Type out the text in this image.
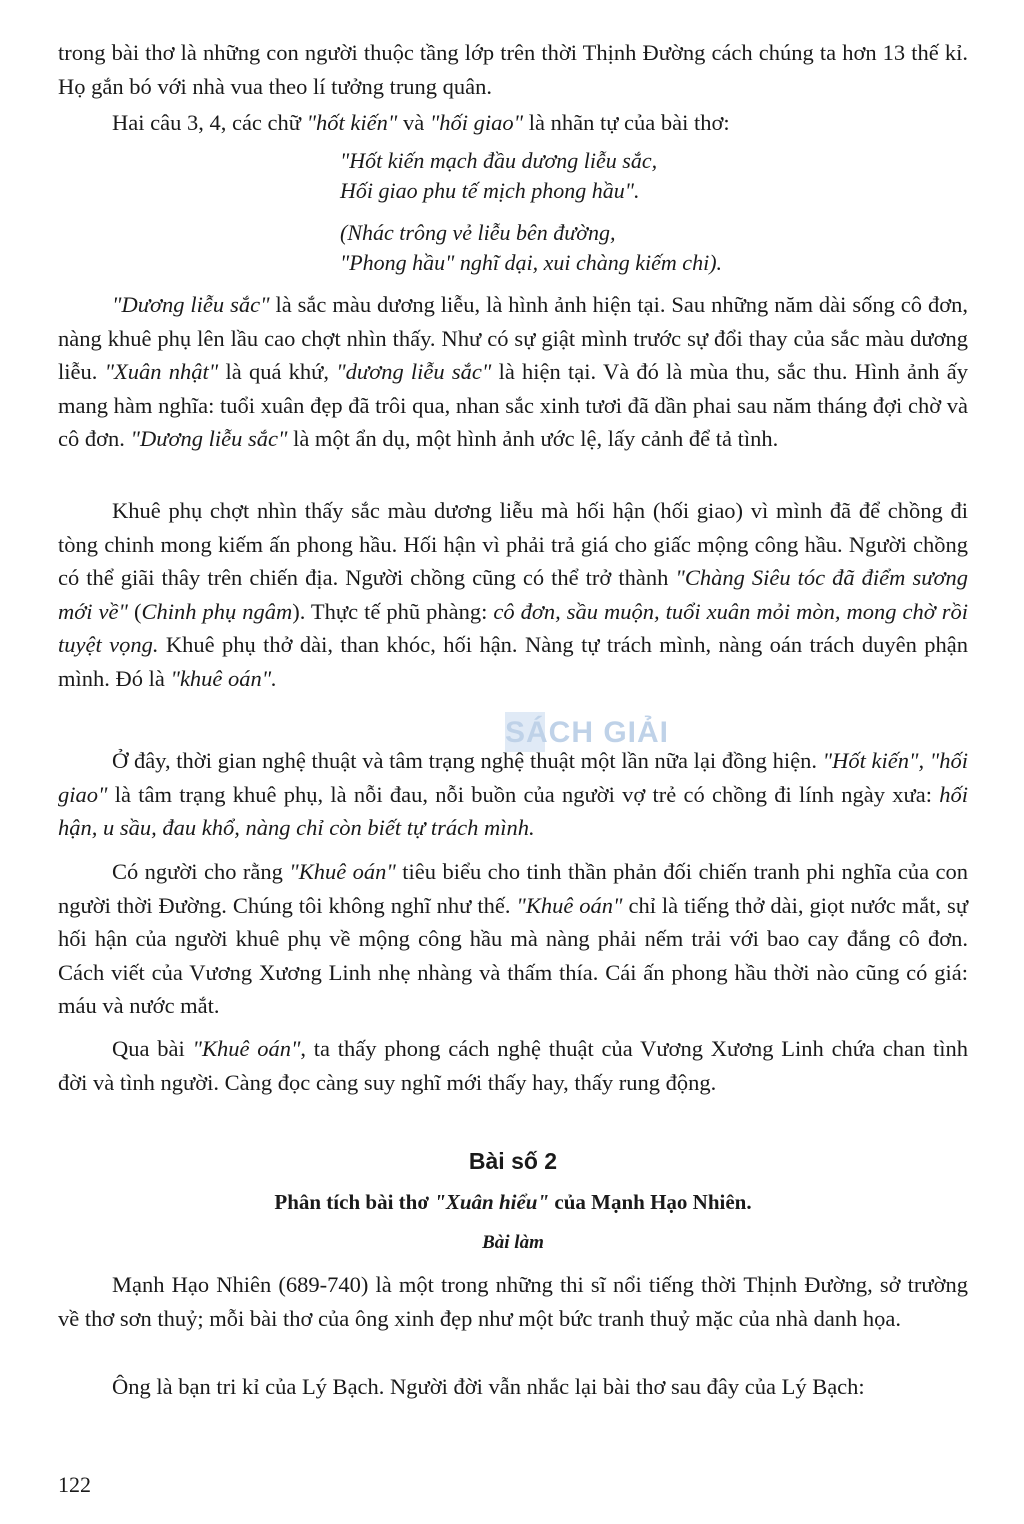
trong bài thơ là những con người thuộc tầng lớp trên thời Thịnh Đường cách chúng ta hơn 13 thế kỉ. Họ gắn bó với nhà vua theo lí tưởng trung quân.

Hai câu 3, 4, các chữ "hốt kiến" và "hối giao" là nhãn tự của bài thơ:

"Hốt kiến mạch đầu dương liễu sắc,
Hối giao phu tế mịch phong hầu".
(Nhác trông vẻ liễu bên đường,
"Phong hầu" nghĩ dại, xui chàng kiếm chi).

"Dương liễu sắc" là sắc màu dương liễu, là hình ảnh hiện tại. Sau những năm dài sống cô đơn, nàng khuê phụ lên lầu cao chợt nhìn thấy. Như có sự giật mình trước sự đổi thay của sắc màu dương liễu. "Xuân nhật" là quá khứ, "dương liễu sắc" là hiện tại. Và đó là mùa thu, sắc thu. Hình ảnh ấy mang hàm nghĩa: tuổi xuân đẹp đã trôi qua, nhan sắc xinh tươi đã dần phai sau năm tháng đợi chờ và cô đơn. "Dương liễu sắc" là một ẩn dụ, một hình ảnh ước lệ, lấy cảnh để tả tình.

Khuê phụ chợt nhìn thấy sắc màu dương liễu mà hối hận (hối giao) vì mình đã để chồng đi tòng chinh mong kiếm ấn phong hầu. Hối hận vì phải trả giá cho giấc mộng công hầu. Người chồng có thể giãi thây trên chiến địa. Người chồng cũng có thể trở thành "Chàng Siêu tóc đã điểm sương mới về" (Chinh phụ ngâm). Thực tế phũ phàng: cô đơn, sầu muộn, tuổi xuân mỏi mòn, mong chờ rồi tuyệt vọng. Khuê phụ thở dài, than khóc, hối hận. Nàng tự trách mình, nàng oán trách duyên phận mình. Đó là "khuê oán".

Ở đây, thời gian nghệ thuật và tâm trạng nghệ thuật một lần nữa lại đồng hiện. "Hốt kiến", "hối giao" là tâm trạng khuê phụ, là nỗi đau, nỗi buồn của người vợ trẻ có chồng đi lính ngày xưa: hối hận, u sầu, đau khổ, nàng chỉ còn biết tự trách mình.

Có người cho rằng "Khuê oán" tiêu biểu cho tinh thần phản đối chiến tranh phi nghĩa của con người thời Đường. Chúng tôi không nghĩ như thế. "Khuê oán" chỉ là tiếng thở dài, giọt nước mắt, sự hối hận của người khuê phụ về mộng công hầu mà nàng phải nếm trải với bao cay đắng cô đơn. Cách viết của Vương Xương Linh nhẹ nhàng và thấm thía. Cái ấn phong hầu thời nào cũng có giá: máu và nước mắt.

Qua bài "Khuê oán", ta thấy phong cách nghệ thuật của Vương Xương Linh chứa chan tình đời và tình người. Càng đọc càng suy nghĩ mới thấy hay, thấy rung động.

Bài số 2
Phân tích bài thơ "Xuân hiểu" của Mạnh Hạo Nhiên.
Bài làm

Mạnh Hạo Nhiên (689-740) là một trong những thi sĩ nổi tiếng thời Thịnh Đường, sở trường về thơ sơn thuỷ; mỗi bài thơ của ông xinh đẹp như một bức tranh thuỷ mặc của nhà danh họa.

Ông là bạn tri kỉ của Lý Bạch. Người đời vẫn nhắc lại bài thơ sau đây của Lý Bạch:

SÁCH GIẢI
122
